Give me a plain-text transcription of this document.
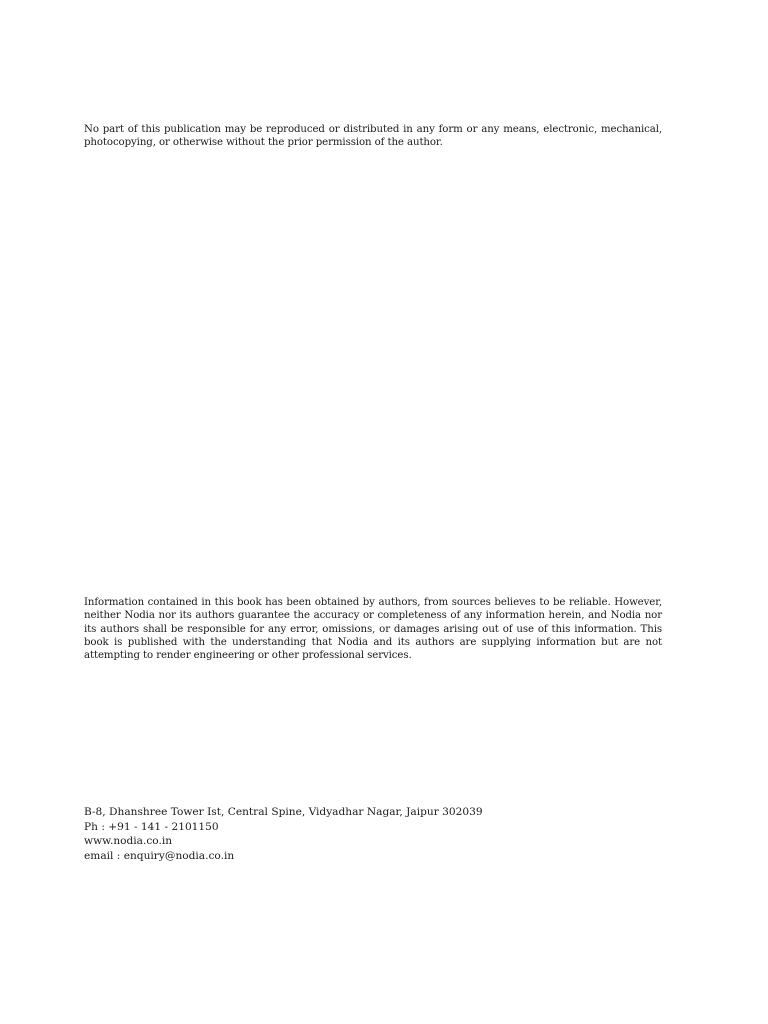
No part of this publication may be reproduced or distributed in any form or any means, electronic, mechanical, photocopying, or otherwise without the prior permission of the author.

Information contained in this book has been obtained by authors, from sources believes to be reliable. However, neither Nodia nor its authors guarantee the accuracy or completeness of any information herein, and Nodia nor its authors shall be responsible for any error, omissions, or damages arising out of use of this information. This book is published with the understanding that Nodia and its authors are supplying information but are not attempting to render engineering or other professional services.

B-8, Dhanshree Tower Ist, Central Spine, Vidyadhar Nagar, Jaipur 302039
Ph : +91 - 141 - 2101150
www.nodia.co.in
email : enquiry@nodia.co.in
